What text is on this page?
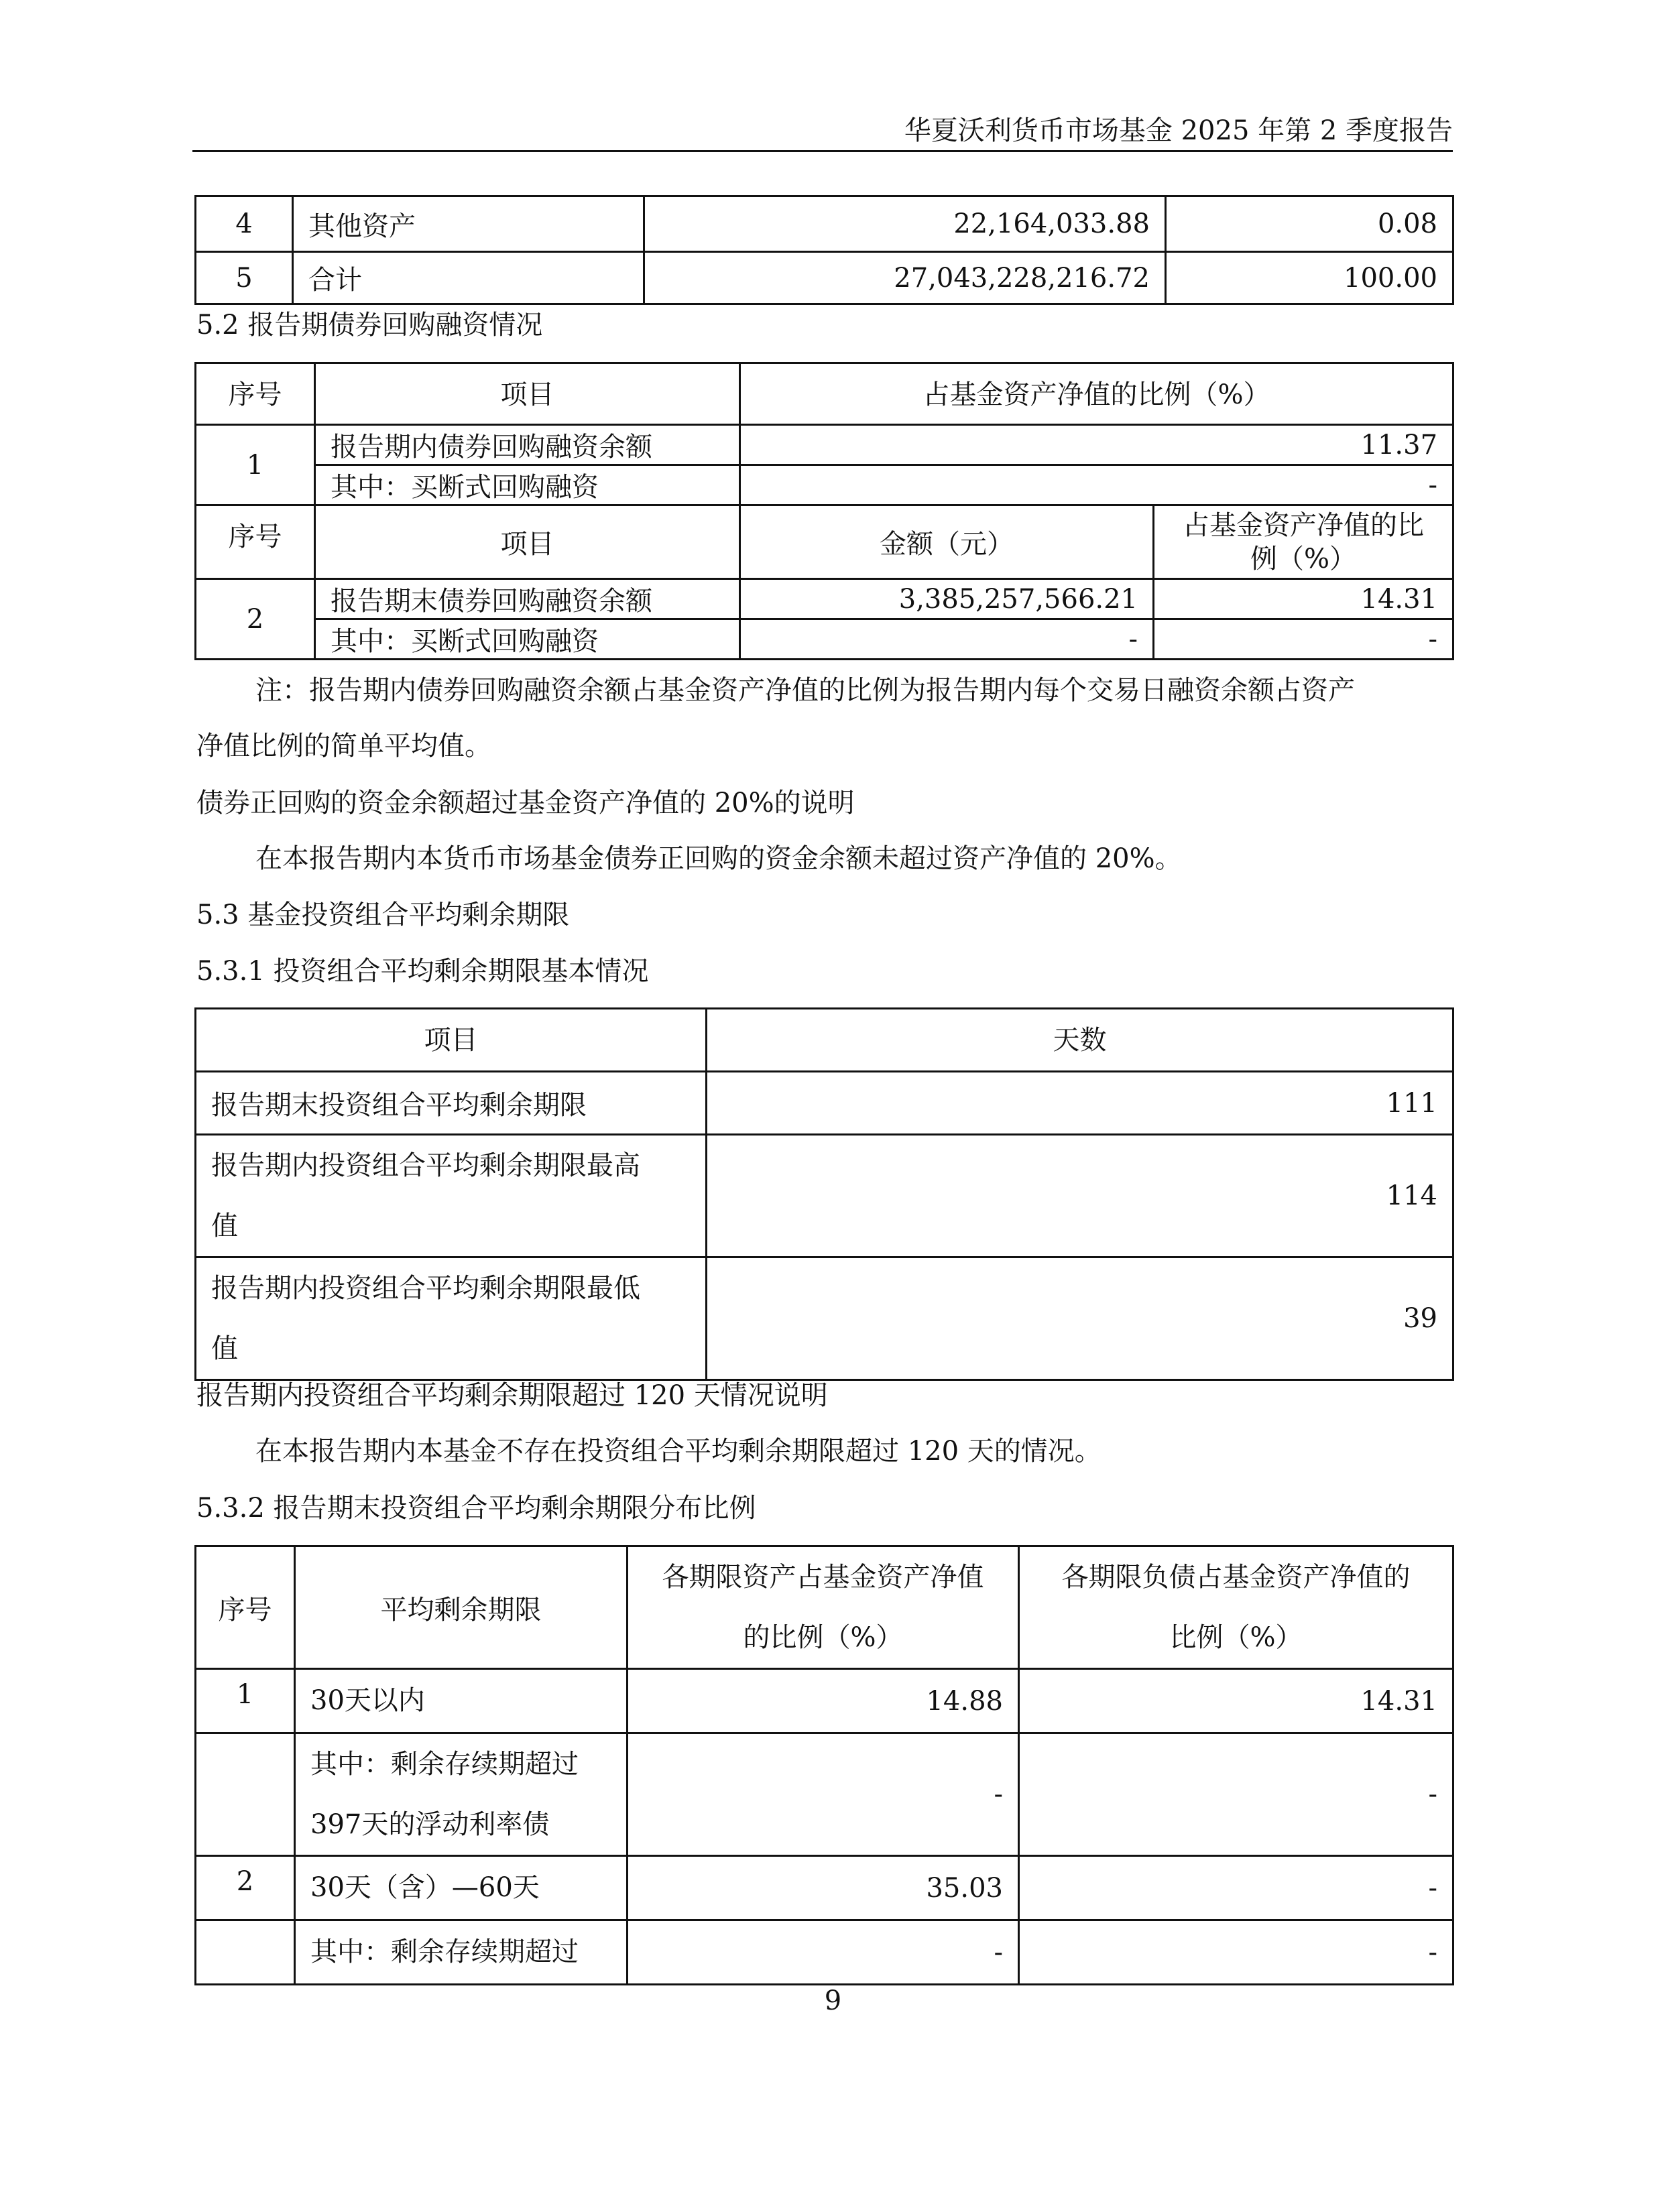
华夏沃利货币市场基金 2025 年第 2 季度报告
4	其他资产	22,164,033.88	0.08
5	合计	27,043,228,216.72	100.00
5.2 报告期债券回购融资情况
序号	项目	占基金资产净值的比例（%）	
1	报告期内债券回购融资余额	11.37	
	其中：买断式回购融资	-	
序号	项目	金额（元）	占基金资产净值的比
例（%）
2	报告期末债券回购融资余额	3,385,257,566.21	14.31
	其中：买断式回购融资	-	-
注：报告期内债券回购融资余额占基金资产净值的比例为报告期内每个交易日融资余额占资产
净值比例的简单平均值。
债券正回购的资金余额超过基金资产净值的 20%的说明
在本报告期内本货币市场基金债券正回购的资金余额未超过资产净值的 20%。
5.3 基金投资组合平均剩余期限
5.3.1 投资组合平均剩余期限基本情况
项目	天数
报告期末投资组合平均剩余期限	111
报告期内投资组合平均剩余期限最高
值	114
报告期内投资组合平均剩余期限最低
值	39
报告期内投资组合平均剩余期限超过 120 天情况说明
在本报告期内本基金不存在投资组合平均剩余期限超过 120 天的情况。
5.3.2 报告期末投资组合平均剩余期限分布比例
序号	平均剩余期限	各期限资产占基金资产净值
的比例（%）	各期限负债占基金资产净值的
比例（%）
1	30天以内	14.88	14.31
	其中：剩余存续期超过
397天的浮动利率债	-	-
2	30天（含）—60天	35.03	-
	其中：剩余存续期超过	-	-
9
